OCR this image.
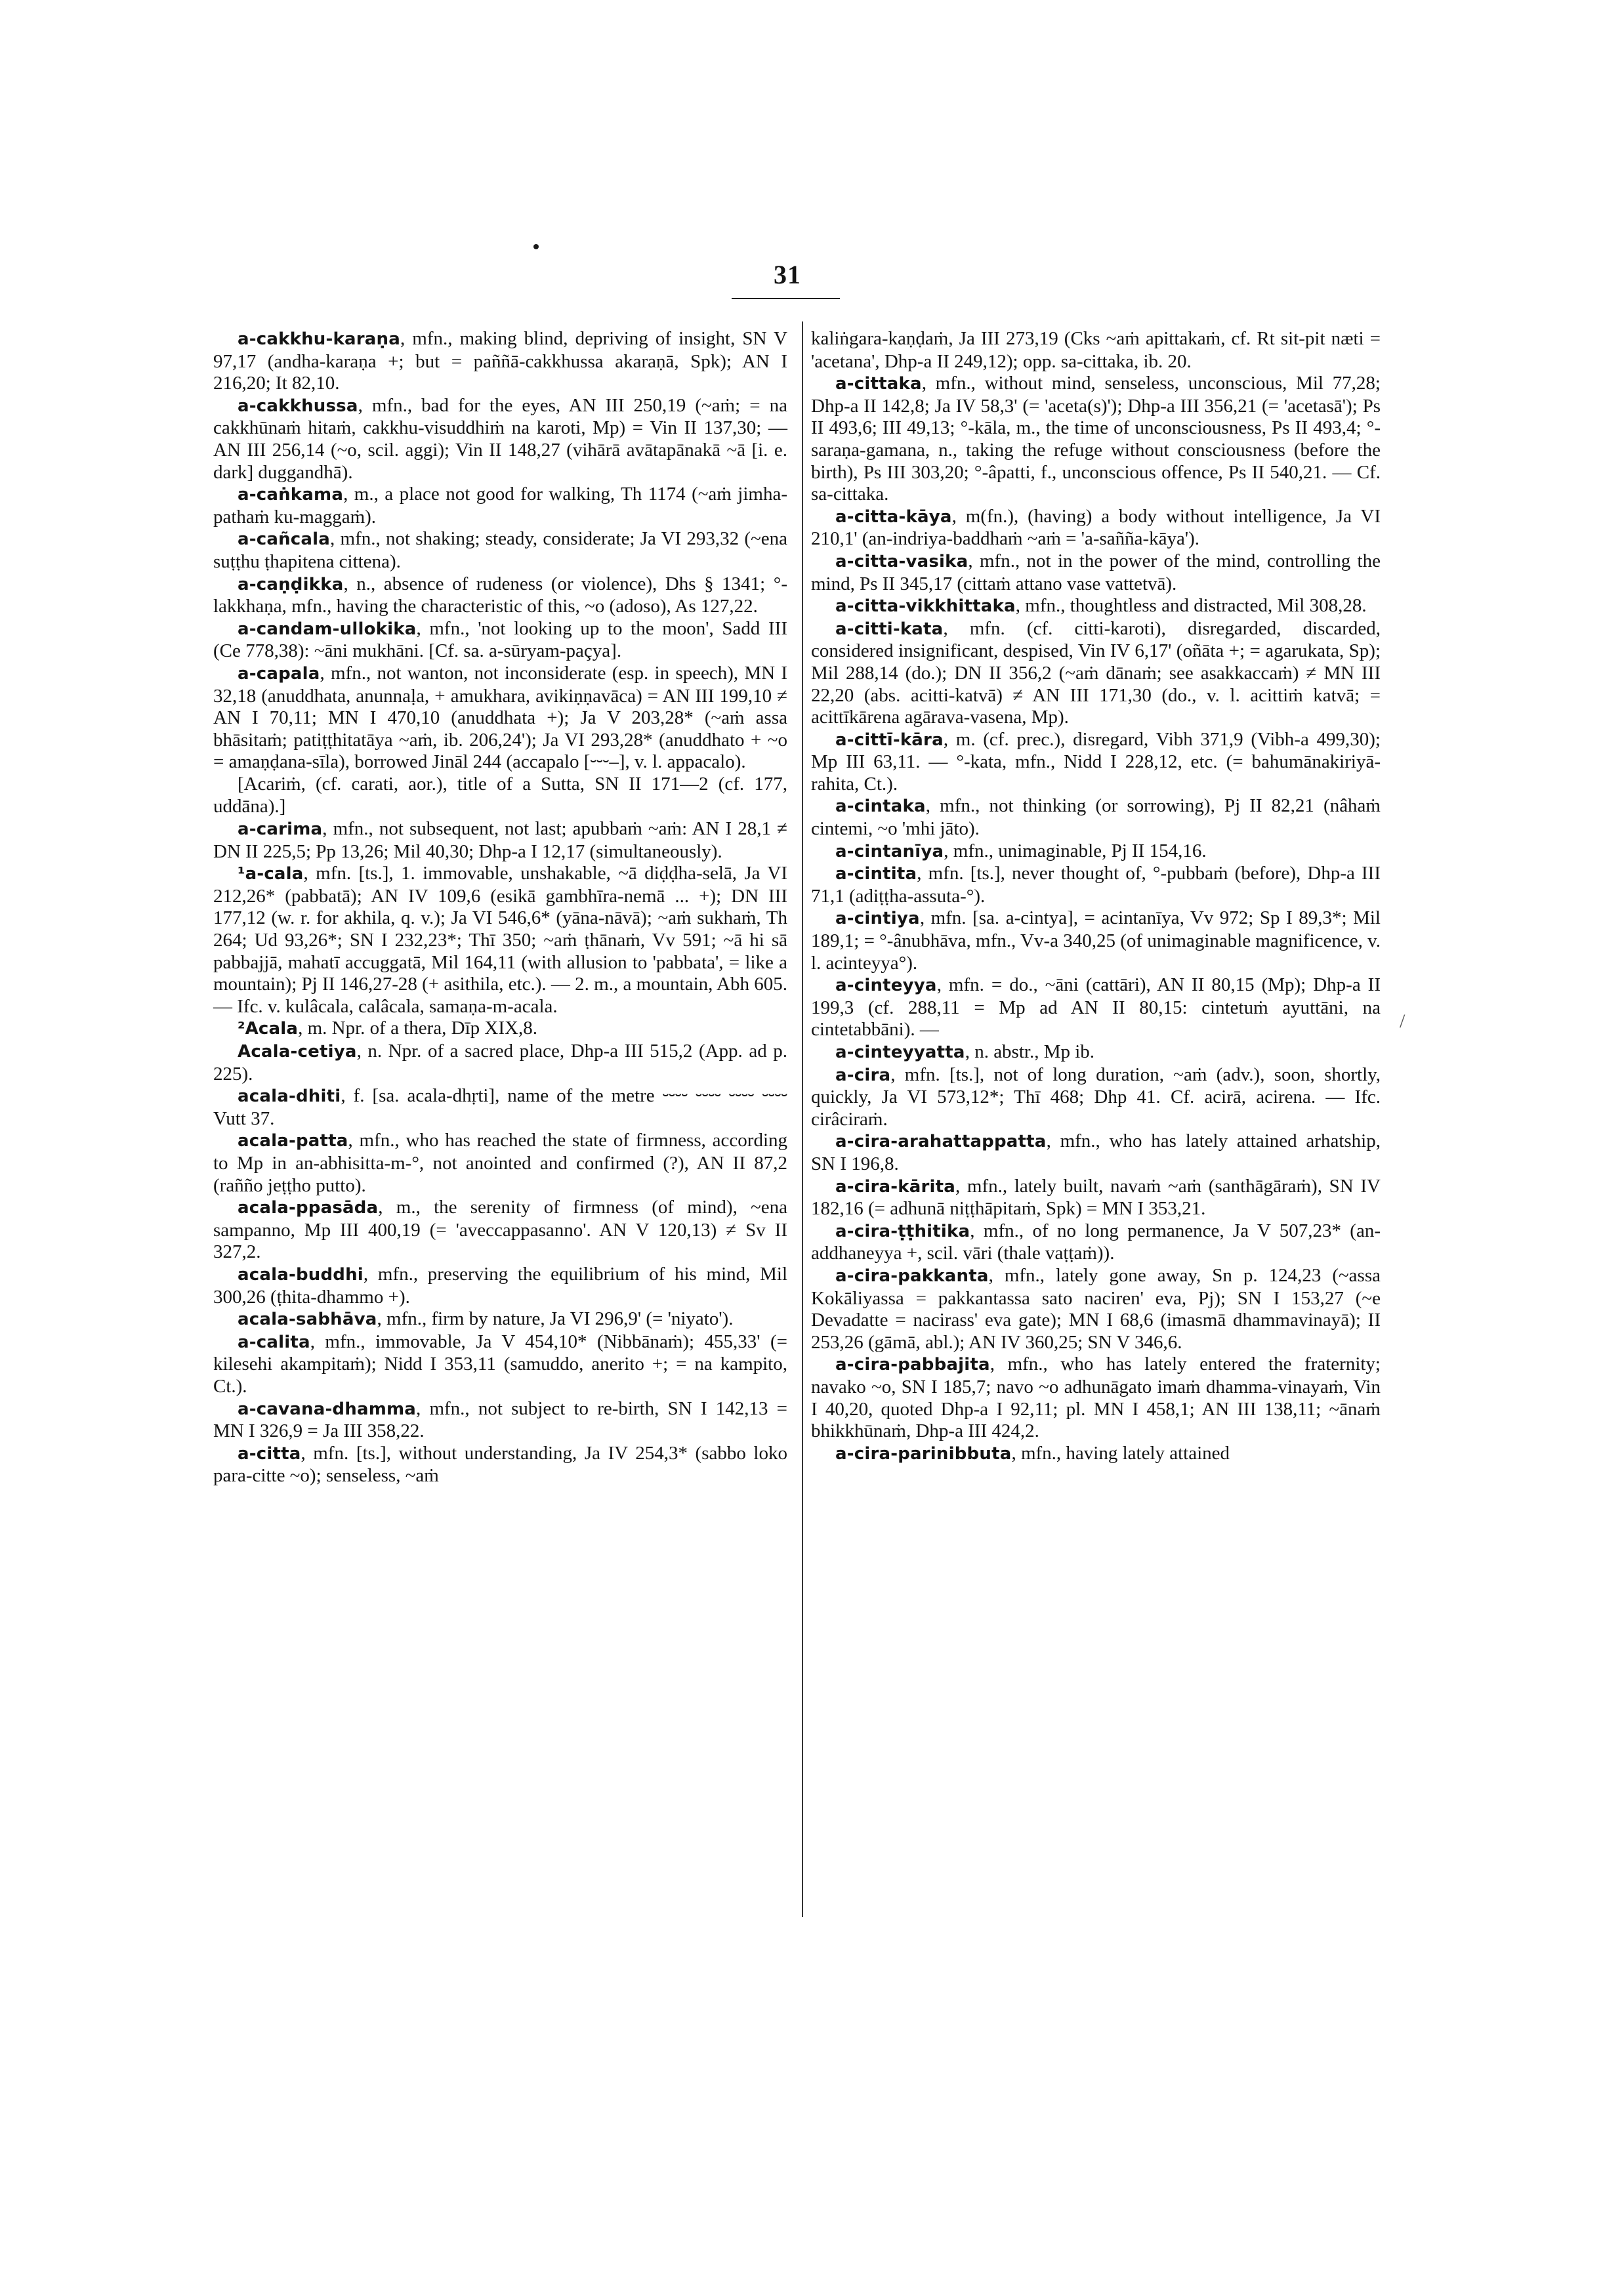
31

a-cakkhu-karaṇa, mfn., making blind, depriving of insight, SN V 97,17 (andha-karaṇa +; but = paññā-cakkhussa akaraṇā, Spk); AN I 216,20; It 82,10.

a-cakkhussa, mfn., bad for the eyes, AN III 250,19 (~aṁ; = na cakkhūnaṁ hitaṁ, cakkhu-visuddhiṁ na karoti, Mp) = Vin II 137,30; — AN III 256,14 (~o, scil. aggi); Vin II 148,27 (vihārā avātapānakā ~ā [i. e. dark] duggandhā).

a-caṅkama, m., a place not good for walking, Th 1174 (~aṁ jimha-pathaṁ ku-maggaṁ).

a-cañcala, mfn., not shaking; steady, considerate; Ja VI 293,32 (~ena suṭṭhu ṭhapitena cittena).

a-caṇḍikka, n., absence of rudeness (or violence), Dhs § 1341; °-lakkhaṇa, mfn., having the characteristic of this, ~o (adoso), As 127,22.

a-candam-ullokika, mfn., 'not looking up to the moon', Sadd III (Ce 778,38): ~āni mukhāni. [Cf. sa. a-sūryam-paçya].

a-capala, mfn., not wanton, not inconsiderate (esp. in speech), MN I 32,18 (anuddhata, anunnaḷa, + amukhara, avikiṇṇavāca) = AN III 199,10 ≠ AN I 70,11; MN I 470,10 (anuddhata +); Ja V 203,28* (~aṁ assa bhāsitaṁ; patiṭṭhitatāya ~aṁ, ib. 206,24'); Ja VI 293,28* (anuddhato + ~o = amaṇḍana-sīla), borrowed Jināl 244 (accapalo [⏑⏑⏑–], v. l. appacalo).

[Acariṁ, (cf. carati, aor.), title of a Sutta, SN II 171—2 (cf. 177, uddāna).]

a-carima, mfn., not subsequent, not last; apubbaṁ ~aṁ: AN I 28,1 ≠ DN II 225,5; Pp 13,26; Mil 40,30; Dhp-a I 12,17 (simultaneously).

¹a-cala, mfn. [ts.], 1. immovable, unshakable, ~ā diḍḍha-selā, Ja VI 212,26* (pabbatā); AN IV 109,6 (esikā gambhīra-nemā ... +); DN III 177,12 (w. r. for akhila, q. v.); Ja VI 546,6* (yāna-nāvā); ~aṁ sukhaṁ, Th 264; Ud 93,26*; SN I 232,23*; Thī 350; ~aṁ ṭhānaṁ, Vv 591; ~ā hi sā pabbajjā, mahatī accuggatā, Mil 164,11 (with allusion to 'pabbata', = like a mountain); Pj II 146,27-28 (+ asithila, etc.). — 2. m., a mountain, Abh 605. — Ifc. v. kulâcala, calâcala, samaṇa-m-acala.

²Acala, m. Npr. of a thera, Dīp XIX,8.

Acala-cetiya, n. Npr. of a sacred place, Dhp-a III 515,2 (App. ad p. 225).

acala-dhiti, f. [sa. acala-dhṛti], name of the metre ⏑⏑⏑⏑ ⏑⏑⏑⏑ ⏑⏑⏑⏑ ⏑⏑⏑⏑ Vutt 37.

acala-patta, mfn., who has reached the state of firmness, according to Mp in an-abhisitta-m-°, not anointed and confirmed (?), AN II 87,2 (rañño jeṭṭho putto).

acala-ppasāda, m., the serenity of firmness (of mind), ~ena sampanno, Mp III 400,19 (= 'aveccappasanno'. AN V 120,13) ≠ Sv II 327,2.

acala-buddhi, mfn., preserving the equilibrium of his mind, Mil 300,26 (ṭhita-dhammo +).

acala-sabhāva, mfn., firm by nature, Ja VI 296,9' (= 'niyato').

a-calita, mfn., immovable, Ja V 454,10* (Nibbānaṁ); 455,33' (= kilesehi akampitaṁ); Nidd I 353,11 (samuddo, anerito +; = na kampito, Ct.).

a-cavana-dhamma, mfn., not subject to re-birth, SN I 142,13 = MN I 326,9 = Ja III 358,22.

a-citta, mfn. [ts.], without understanding, Ja IV 254,3* (sabbo loko para-citte ~o); senseless, ~aṁ

kaliṅgara-kaṇḍaṁ, Ja III 273,19 (Cks ~aṁ apittakaṁ, cf. Rt sit-pit næti = 'acetana', Dhp-a II 249,12); opp. sa-cittaka, ib. 20.

a-cittaka, mfn., without mind, senseless, unconscious, Mil 77,28; Dhp-a II 142,8; Ja IV 58,3' (= 'aceta(s)'); Dhp-a III 356,21 (= 'acetasā'); Ps II 493,6; III 49,13; °-kāla, m., the time of unconsciousness, Ps II 493,4; °-saraṇa-gamana, n., taking the refuge without consciousness (before the birth), Ps III 303,20; °-âpatti, f., unconscious offence, Ps II 540,21. — Cf. sa-cittaka.

a-citta-kāya, m(fn.), (having) a body without intelligence, Ja VI 210,1' (an-indriya-baddhaṁ ~aṁ = 'a-sañña-kāya').

a-citta-vasika, mfn., not in the power of the mind, controlling the mind, Ps II 345,17 (cittaṁ attano vase vattetvā).

a-citta-vikkhittaka, mfn., thoughtless and distracted, Mil 308,28.

a-citti-kata, mfn. (cf. citti-karoti), disregarded, discarded, considered insignificant, despised, Vin IV 6,17' (oñāta +; = agarukata, Sp); Mil 288,14 (do.); DN II 356,2 (~aṁ dānaṁ; see asakkaccaṁ) ≠ MN III 22,20 (abs. acitti-katvā) ≠ AN III 171,30 (do., v. l. acittiṁ katvā; = acittīkārena agārava-vasena, Mp).

a-cittī-kāra, m. (cf. prec.), disregard, Vibh 371,9 (Vibh-a 499,30); Mp III 63,11. — °-kata, mfn., Nidd I 228,12, etc. (= bahumānakiriyā-rahita, Ct.).

a-cintaka, mfn., not thinking (or sorrowing), Pj II 82,21 (nâhaṁ cintemi, ~o 'mhi jāto).

a-cintanīya, mfn., unimaginable, Pj II 154,16.

a-cintita, mfn. [ts.], never thought of, °-pubbaṁ (before), Dhp-a III 71,1 (adiṭṭha-assuta-°).

a-cintiya, mfn. [sa. a-cintya], = acintanīya, Vv 972; Sp I 89,3*; Mil 189,1; = °-ânubhāva, mfn., Vv-a 340,25 (of unimaginable magnificence, v. l. acinteyya°).

a-cinteyya, mfn. = do., ~āni (cattāri), AN II 80,15 (Mp); Dhp-a II 199,3 (cf. 288,11 = Mp ad AN II 80,15: cintetuṁ ayuttāni, na cintetabbāni). —

a-cinteyyatta, n. abstr., Mp ib.

a-cira, mfn. [ts.], not of long duration, ~aṁ (adv.), soon, shortly, quickly, Ja VI 573,12*; Thī 468; Dhp 41. Cf. acirā, acirena. — Ifc. cirâciraṁ.

a-cira-arahattappatta, mfn., who has lately attained arhatship, SN I 196,8.

a-cira-kārita, mfn., lately built, navaṁ ~aṁ (santhāgāraṁ), SN IV 182,16 (= adhunā niṭṭhāpitaṁ, Spk) = MN I 353,21.

a-cira-ṭṭhitika, mfn., of no long permanence, Ja V 507,23* (an-addhaneyya +, scil. vāri (thale vaṭṭaṁ)).

a-cira-pakkanta, mfn., lately gone away, Sn p. 124,23 (~assa Kokāliyassa = pakkantassa sato naciren' eva, Pj); SN I 153,27 (~e Devadatte = nacirass' eva gate); MN I 68,6 (imasmā dhammavinayā); II 253,26 (gāmā, abl.); AN IV 360,25; SN V 346,6.

a-cira-pabbajita, mfn., who has lately entered the fraternity; navako ~o, SN I 185,7; navo ~o adhunāgato imaṁ dhamma-vinayaṁ, Vin I 40,20, quoted Dhp-a I 92,11; pl. MN I 458,1; AN III 138,11; ~ānaṁ bhikkhūnaṁ, Dhp-a III 424,2.

a-cira-parinibbuta, mfn., having lately attained

/
